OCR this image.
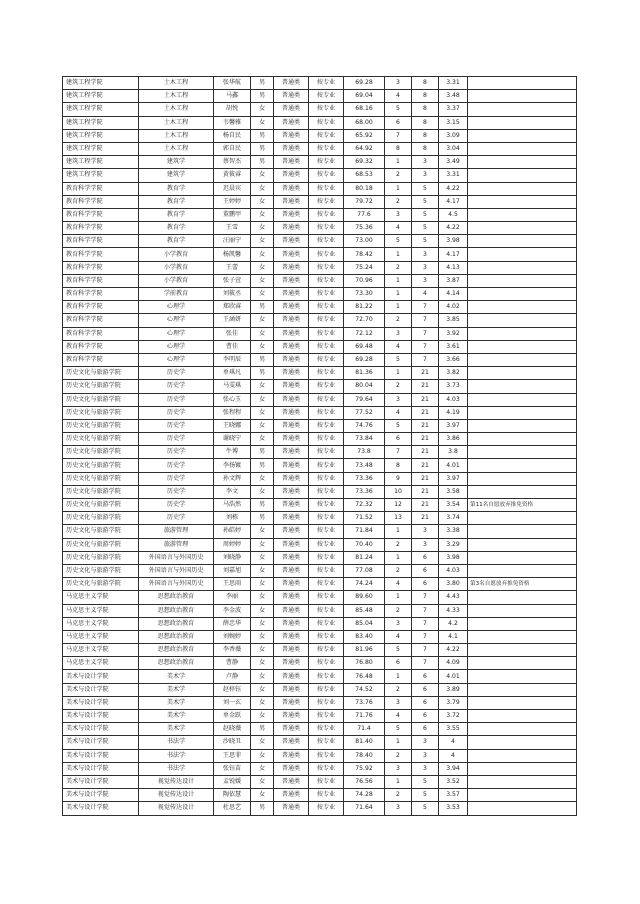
建筑工程学院	土木工程	张华航	男	普通类	按专业	69.28	3	8	3.31	
建筑工程学院	土木工程	马鑫	男	普通类	按专业	69.04	4	8	3.48	
建筑工程学院	土木工程	胡悦	女	普通类	按专业	68.16	5	8	3.37	
建筑工程学院	土木工程	韦馨雅	女	普通类	按专业	68.00	6	8	3.15	
建筑工程学院	土木工程	杨自民	男	普通类	按专业	65.92	7	8	3.09	
建筑工程学院	土木工程	郭自民	男	普通类	按专业	64.92	8	8	3.04	
建筑工程学院	建筑学	蔡智杰	男	普通类	按专业	69.32	1	3	3.49	
建筑工程学院	建筑学	黄筱睿	女	普通类	按专业	68.53	2	3	3.31	
教育科学学院	教育学	迟晨宾	女	普通类	按专业	80.18	1	5	4.22	
教育科学学院	教育学	王婷婷	女	普通类	按专业	79.72	2	5	4.17	
教育科学学院	教育学	董鹏甲	女	普通类	按专业	77.6	3	5	4.5	
教育科学学院	教育学	王雪	女	普通类	按专业	75.36	4	5	4.22	
教育科学学院	教育学	汪丽宁	女	普通类	按专业	73.00	5	5	3.98	
教育科学学院	小学教育	杨凯馨	女	普通类	按专业	78.42	1	3	4.17	
教育科学学院	小学教育	王蕾	女	普通类	按专业	75.24	2	3	4.13	
教育科学学院	小学教育	张子萱	女	普通类	按专业	70.96	1	3	3.87	
教育科学学院	学前教育	刘筱丞	女	普通类	按专业	73.30	1	4	4.14	
教育科学学院	心理学	郑欣睿	男	普通类	按专业	81.22	1	7	4.02	
教育科学学院	心理学	王涵妍	女	普通类	按专业	72.70	2	7	3.85	
教育科学学院	心理学	张佳	女	普通类	按专业	72.12	3	7	3.92	
教育科学学院	心理学	曹佳	女	普通类	按专业	69.48	4	7	3.61	
教育科学学院	心理学	李明辰	男	普通类	按专业	69.28	5	7	3.66	
历史文化与旅游学院	历史学	单琪凡	男	普通类	按专业	81.36	1	21	3.82	
历史文化与旅游学院	历史学	马雯琪	女	普通类	按专业	80.04	2	21	3.73	
历史文化与旅游学院	历史学	张心玉	女	普通类	按专业	79.64	3	21	4.03	
历史文化与旅游学院	历史学	张程程	女	普通类	按专业	77.52	4	21	4.19	
历史文化与旅游学院	历史学	王晓娜	女	普通类	按专业	74.76	5	21	3.97	
历史文化与旅游学院	历史学	谢晓宁	女	普通类	按专业	73.84	6	21	3.86	
历史文化与旅游学院	历史学	牛博	男	普通类	按专业	73.8	7	21	3.8	
历史文化与旅游学院	历史学	李扬镀	男	普通类	按专业	73.48	8	21	4.01	
历史文化与旅游学院	历史学	孙文辉	女	普通类	按专业	73.36	9	21	3.97	
历史文化与旅游学院	历史学	李文	女	普通类	按专业	73.36	10	21	3.58	
历史文化与旅游学院	历史学	马浩然	男	普通类	按专业	72.32	12	21	3.54	第11名自愿放弃推免资格
历史文化与旅游学院	历史学	刘栋	男	普通类	按专业	71.52	13	21	3.74	
历史文化与旅游学院	旅游管理	孙皓婷	女	普通类	按专业	71.84	1	3	3.38	
历史文化与旅游学院	旅游管理	周婷婷	女	普通类	按专业	70.40	2	3	3.29	
历史文化与旅游学院	外国语言与外国历史	刘晓静	女	普通类	按专业	81.24	1	6	3.98	
历史文化与旅游学院	外国语言与外国历史	刘嘉旭	女	普通类	按专业	77.08	2	6	4.03	
历史文化与旅游学院	外国语言与外国历史	王思雨	女	普通类	按专业	74.24	4	6	3.80	第3名自愿放弃推免资格
马克思主义学院	思想政治教育	李丽	女	普通类	按专业	89.60	1	7	4.43	
马克思主义学院	思想政治教育	李金波	女	普通类	按专业	85.48	2	7	4.33	
马克思主义学院	思想政治教育	薛忠华	女	普通类	按专业	85.04	3	7	4.2	
马克思主义学院	思想政治教育	刘婉婷	女	普通类	按专业	83.40	4	7	4.1	
马克思主义学院	思想政治教育	李香薇	女	普通类	按专业	81.96	5	7	4.22	
马克思主义学院	思想政治教育	曹静	女	普通类	按专业	76.80	6	7	4.09	
美术与设计学院	美术学	卢静	女	普通类	按专业	76.48	1	6	4.01	
美术与设计学院	美术学	赵梓钰	女	普通类	按专业	74.52	2	6	3.89	
美术与设计学院	美术学	刘一玄	女	普通类	按专业	73.76	3	6	3.79	
美术与设计学院	美术学	单金跃	女	普通类	按专业	71.76	4	6	3.72	
美术与设计学院	美术学	赵晓薇	男	普通类	按专业	71.4	5	6	3.55	
美术与设计学院	书法学	沙晓丑	女	普通类	按专业	81.40	1	3	4	
美术与设计学院	书法学	王思菲	女	普通类	按专业	78.40	2	3	4	
美术与设计学院	书法学	张钰苗	女	普通类	按专业	75.92	3	3	3.94	
美术与设计学院	视觉传达设计	孟锐媛	女	普通类	按专业	76.56	1	5	3.52	
美术与设计学院	视觉传达设计	陶依慧	女	普通类	按专业	74.28	2	5	3.57	
美术与设计学院	视觉传达设计	杜思艺	男	普通类	按专业	71.64	3	5	3.53	
